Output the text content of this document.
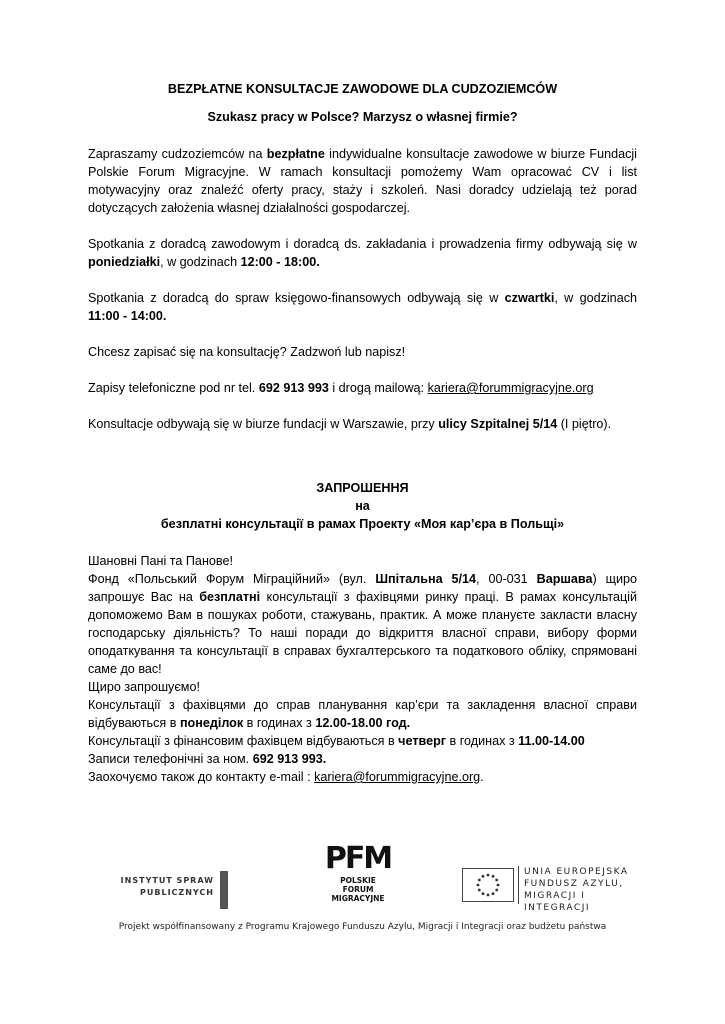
BEZPŁATNE KONSULTACJE ZAWODOWE DLA CUDZOZIEMCÓW

Szukasz pracy w Polsce? Marzysz o własnej firmie?

Zapraszamy cudzoziemców na bezpłatne indywidualne konsultacje zawodowe w biurze Fundacji Polskie Forum Migracyjne. W ramach konsultacji pomożemy Wam opracować CV i list motywacyjny oraz znaleźć oferty pracy, staży i szkoleń. Nasi doradcy udzielają też porad dotyczących założenia własnej działalności gospodarczej.

Spotkania z doradcą zawodowym i doradcą ds. zakładania i prowadzenia firmy odbywają się w poniedziałki, w godzinach 12:00 - 18:00.

Spotkania z doradcą do spraw księgowo-finansowych odbywają się w czwartki, w godzinach 11:00 - 14:00.

Chcesz zapisać się na konsultację? Zadzwoń lub napisz!

Zapisy telefoniczne pod nr tel. 692 913 993 i drogą mailową: kariera@forummigracyjne.org

Konsultacje odbywają się w biurze fundacji w Warszawie, przy ulicy Szpitalnej 5/14 (I piętro).

ЗАПРОШЕННЯ

на

безплатні консультації в рамах Проекту «Моя кар’єра в Польщі»

Шановні Пані та Панове!

Фонд «Польський Форум Міграційний» (вул. Шпітальна 5/14, 00-031 Варшава) щиро запрошує Вас на безплатні консультації з фахівцями ринку праці. В рамах консультацій допоможемо Вам в пошуках роботи, стажувань, практик. А може плануєте закласти власну господарську діяльність? То наші поради до відкриття власної справи, вибору форми оподаткування та консультації в справах бухгалтерського та податкового обліку, спрямовані саме до вас!

Щиро запрошуємо!

Консультації з фахівцями до справ планування кар’єри та закладення власної справи відбуваються в понеділок в годинах з 12.00-18.00 год.

Консультації з фінансовим фахівцем відбуваються в четверг в годинах з 11.00-14.00

Записи телефонічні за ном. 692 913 993.

Заохочуємо також до контакту e-mail : kariera@forummigracyjne.org.

INSTYTUT SPRAW
PUBLICZNYCH
PFM
POLSKIE FORUM
MIGRACYJNE
UNIA EUROPEJSKA
FUNDUSZ AZYLU,
MIGRACJI I INTEGRACJI
Projekt współfinansowany z Programu Krajowego Funduszu Azylu, Migracji i Integracji oraz budżetu państwa
